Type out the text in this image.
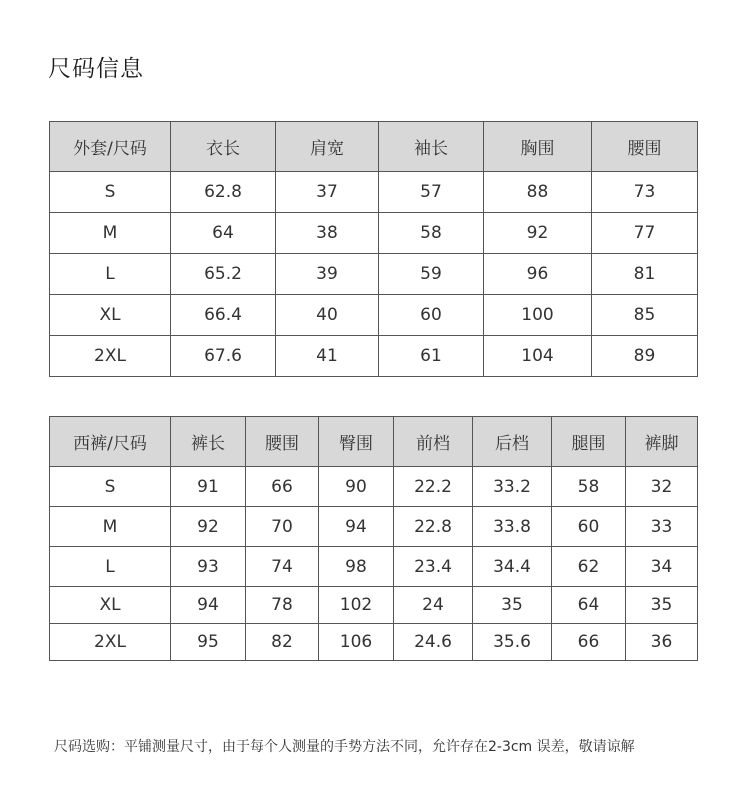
尺码信息
外套/尺码	衣长	肩宽	袖长	胸围	腰围
S	62.8	37	57	88	73
M	64	38	58	92	77
L	65.2	39	59	96	81
XL	66.4	40	60	100	85
2XL	67.6	41	61	104	89
西裤/尺码	裤长	腰围	臀围	前档	后档	腿围	裤脚
S	91	66	90	22.2	33.2	58	32
M	92	70	94	22.8	33.8	60	33
L	93	74	98	23.4	34.4	62	34
XL	94	78	102	24	35	64	35
2XL	95	82	106	24.6	35.6	66	36
尺码选购：平铺测量尺寸，由于每个人测量的手势方法不同，允许存在2-3cm 误差，敬请谅解
